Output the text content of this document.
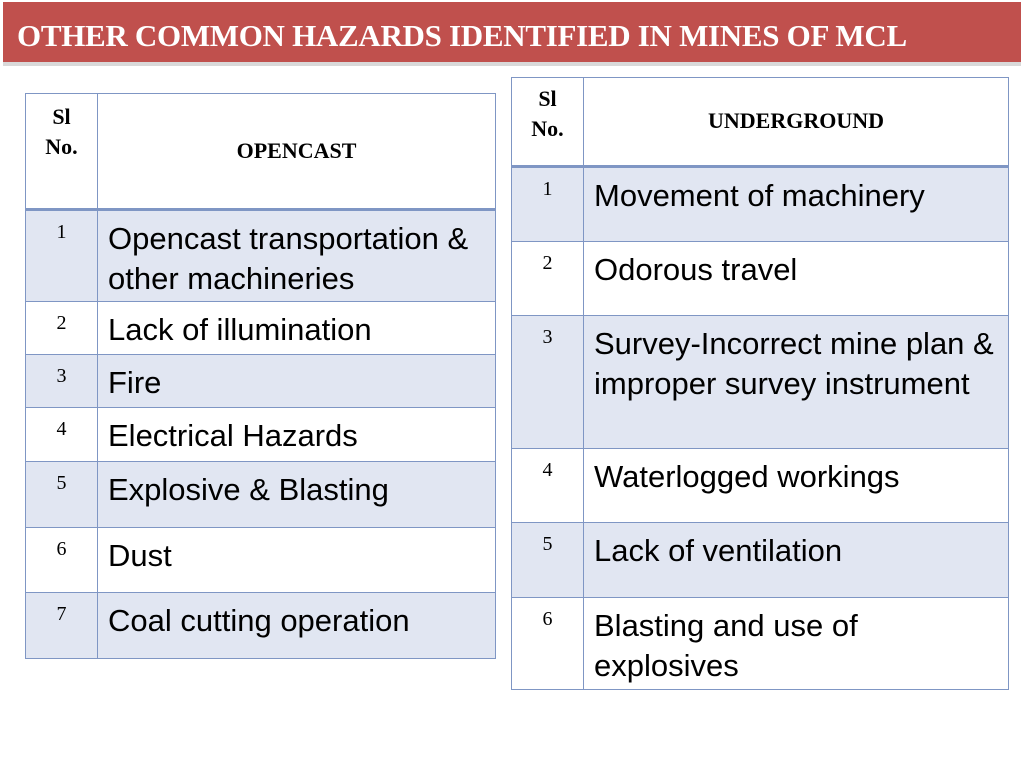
OTHER COMMON HAZARDS IDENTIFIED IN MINES OF MCL
Sl
No.	OPENCAST
1	Opencast transportation & other machineries
2	Lack of illumination
3	Fire
4	Electrical Hazards
5	Explosive & Blasting
6	Dust
7	Coal cutting operation
Sl
No.	UNDERGROUND
1	Movement of machinery
2	Odorous travel
3	Survey-Incorrect mine plan & improper survey instrument
4	Waterlogged workings
5	Lack of ventilation
6	Blasting and use of explosives
